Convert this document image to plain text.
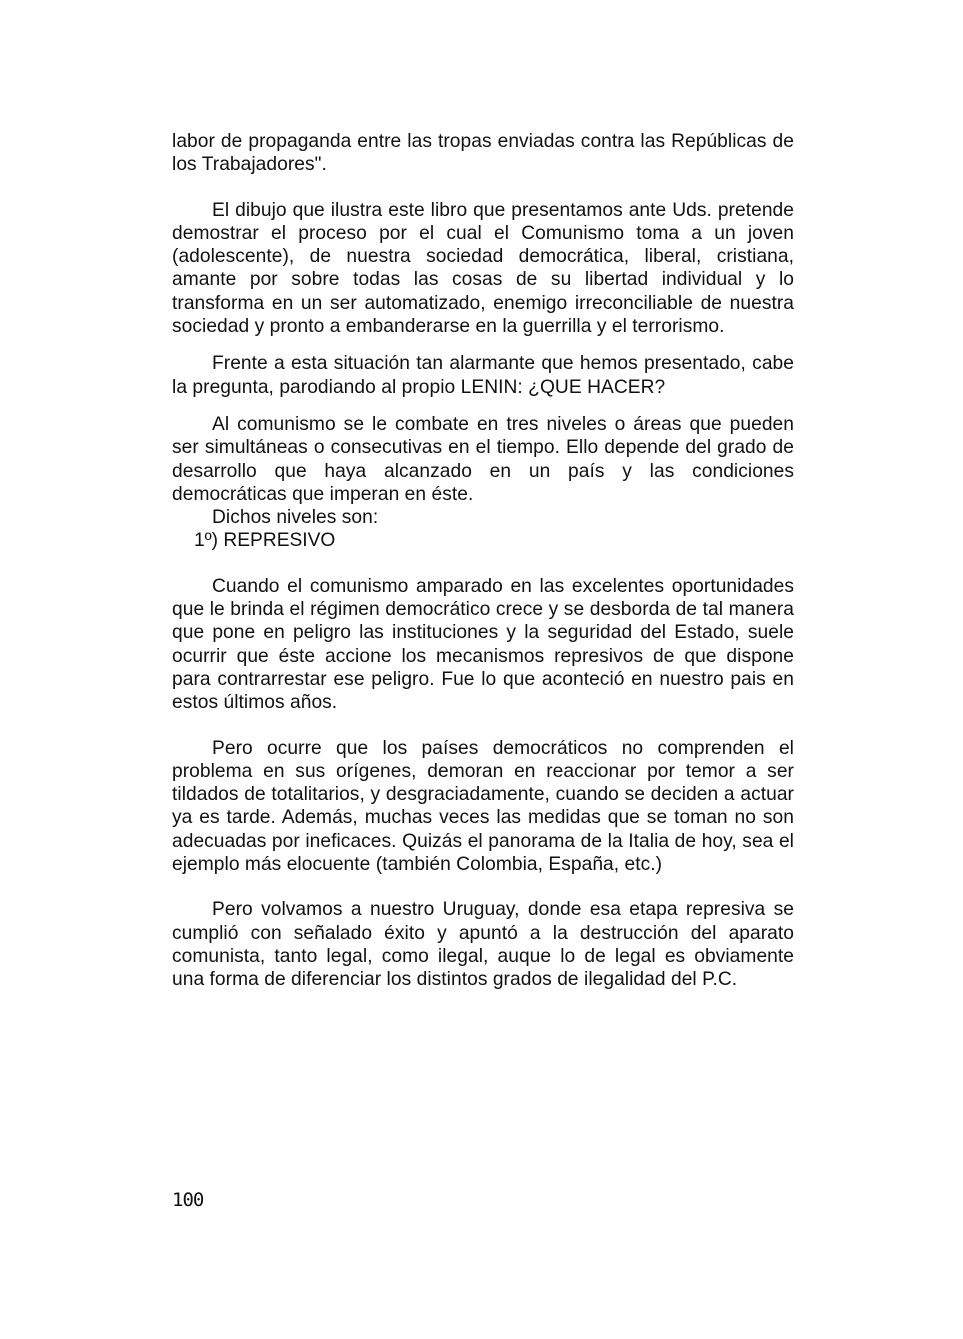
labor de propaganda entre las tropas enviadas contra las Repúblicas de los Trabajadores".

El dibujo que ilustra este libro que presentamos ante Uds. pretende demostrar el proceso por el cual el Comunismo toma a un joven (adolescente), de nuestra sociedad democrática, liberal, cristiana, amante por sobre todas las cosas de su libertad individual y lo transforma en un ser automatizado, enemigo irreconciliable de nuestra sociedad y pronto a embanderarse en la guerrilla y el terrorismo.

Frente a esta situación tan alarmante que hemos presentado, cabe la pregunta, parodiando al propio LENIN: ¿QUE HACER?

Al comunismo se le combate en tres niveles o áreas que pueden ser simultáneas o consecutivas en el tiempo. Ello depende del grado de desarrollo que haya alcanzado en un país y las condiciones democráticas que imperan en éste.

Dichos niveles son:

1º) REPRESIVO

Cuando el comunismo amparado en las excelentes oportunidades que le brinda el régimen democrático crece y se desborda de tal manera que pone en peligro las instituciones y la seguridad del Estado, suele ocurrir que éste accione los mecanismos represivos de que dispone para contrarrestar ese peligro. Fue lo que aconteció en nuestro pais en estos últimos años.

Pero ocurre que los países democráticos no comprenden el problema en sus orígenes, demoran en reaccionar por temor a ser tildados de totalitarios, y desgraciadamente, cuando se deciden a actuar ya es tarde. Además, muchas veces las medidas que se toman no son adecuadas por ineficaces. Quizás el panorama de la Italia de hoy, sea el ejemplo más elocuente (también Colombia, España, etc.)

Pero volvamos a nuestro Uruguay, donde esa etapa represiva se cumplió con señalado éxito y apuntó a la destrucción del aparato comunista, tanto legal, como ilegal, auque lo de legal es obviamente una forma de diferenciar los distintos grados de ilegalidad del P.C.

100
